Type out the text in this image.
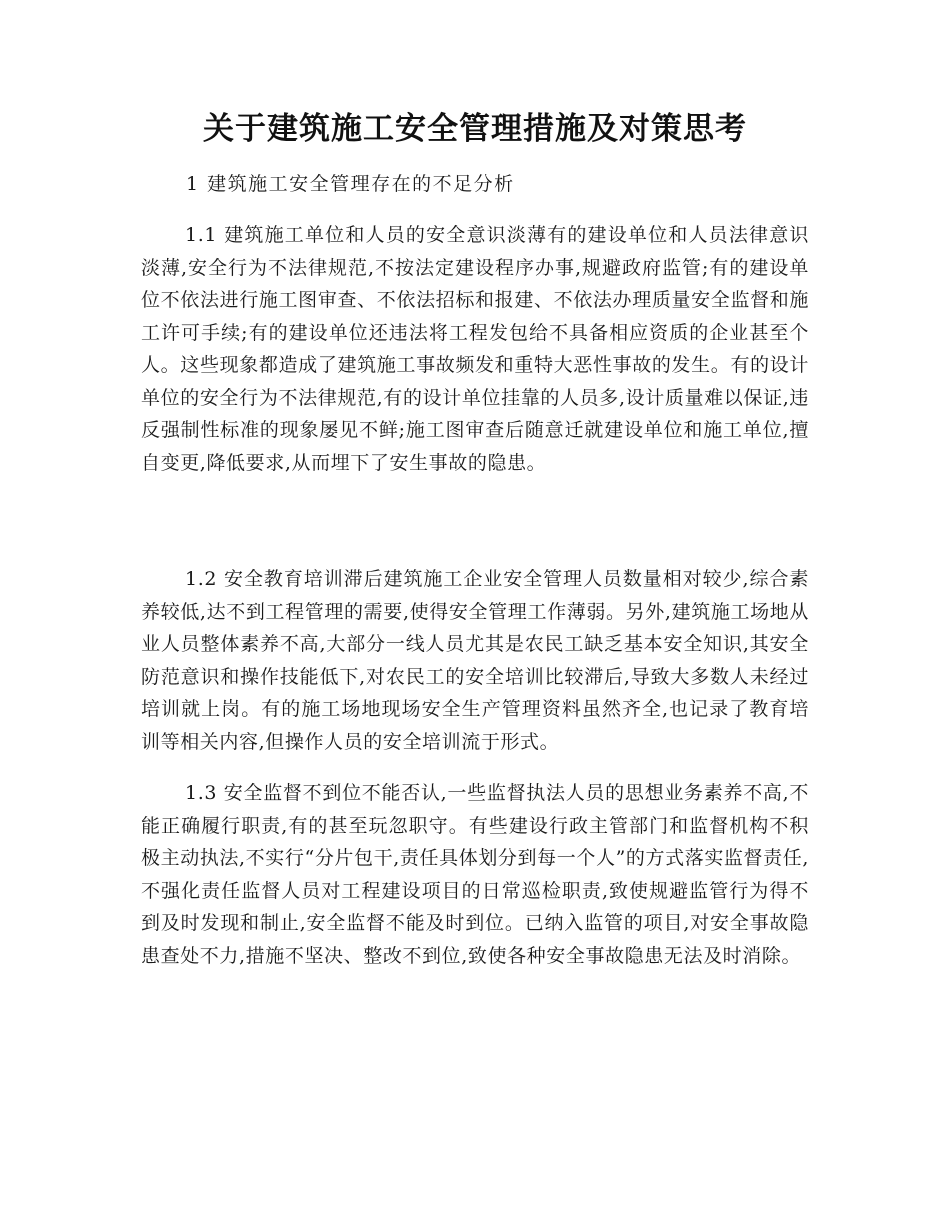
关于建筑施工安全管理措施及对策思考

1 建筑施工安全管理存在的不足分析

1.1 建筑施工单位和人员的安全意识淡薄有的建设单位和人员法律意识淡薄,安全行为不法律规范,不按法定建设程序办事,规避政府监管;有的建设单位不依法进行施工图审查、不依法招标和报建、不依法办理质量安全监督和施工许可手续;有的建设单位还违法将工程发包给不具备相应资质的企业甚至个人。这些现象都造成了建筑施工事故频发和重特大恶性事故的发生。有的设计单位的安全行为不法律规范,有的设计单位挂靠的人员多,设计质量难以保证,违反强制性标准的现象屡见不鲜;施工图审查后随意迁就建设单位和施工单位,擅自变更,降低要求,从而埋下了安生事故的隐患。

1.2 安全教育培训滞后建筑施工企业安全管理人员数量相对较少,综合素养较低,达不到工程管理的需要,使得安全管理工作薄弱。另外,建筑施工场地从业人员整体素养不高,大部分一线人员尤其是农民工缺乏基本安全知识,其安全防范意识和操作技能低下,对农民工的安全培训比较滞后,导致大多数人未经过培训就上岗。有的施工场地现场安全生产管理资料虽然齐全,也记录了教育培训等相关内容,但操作人员的安全培训流于形式。

1.3 安全监督不到位不能否认,一些监督执法人员的思想业务素养不高,不能正确履行职责,有的甚至玩忽职守。有些建设行政主管部门和监督机构不积极主动执法,不实行“分片包干,责任具体划分到每一个人”的方式落实监督责任,不强化责任监督人员对工程建设项目的日常巡检职责,致使规避监管行为得不到及时发现和制止,安全监督不能及时到位。已纳入监管的项目,对安全事故隐患查处不力,措施不坚决、整改不到位,致使各种安全事故隐患无法及时消除。
